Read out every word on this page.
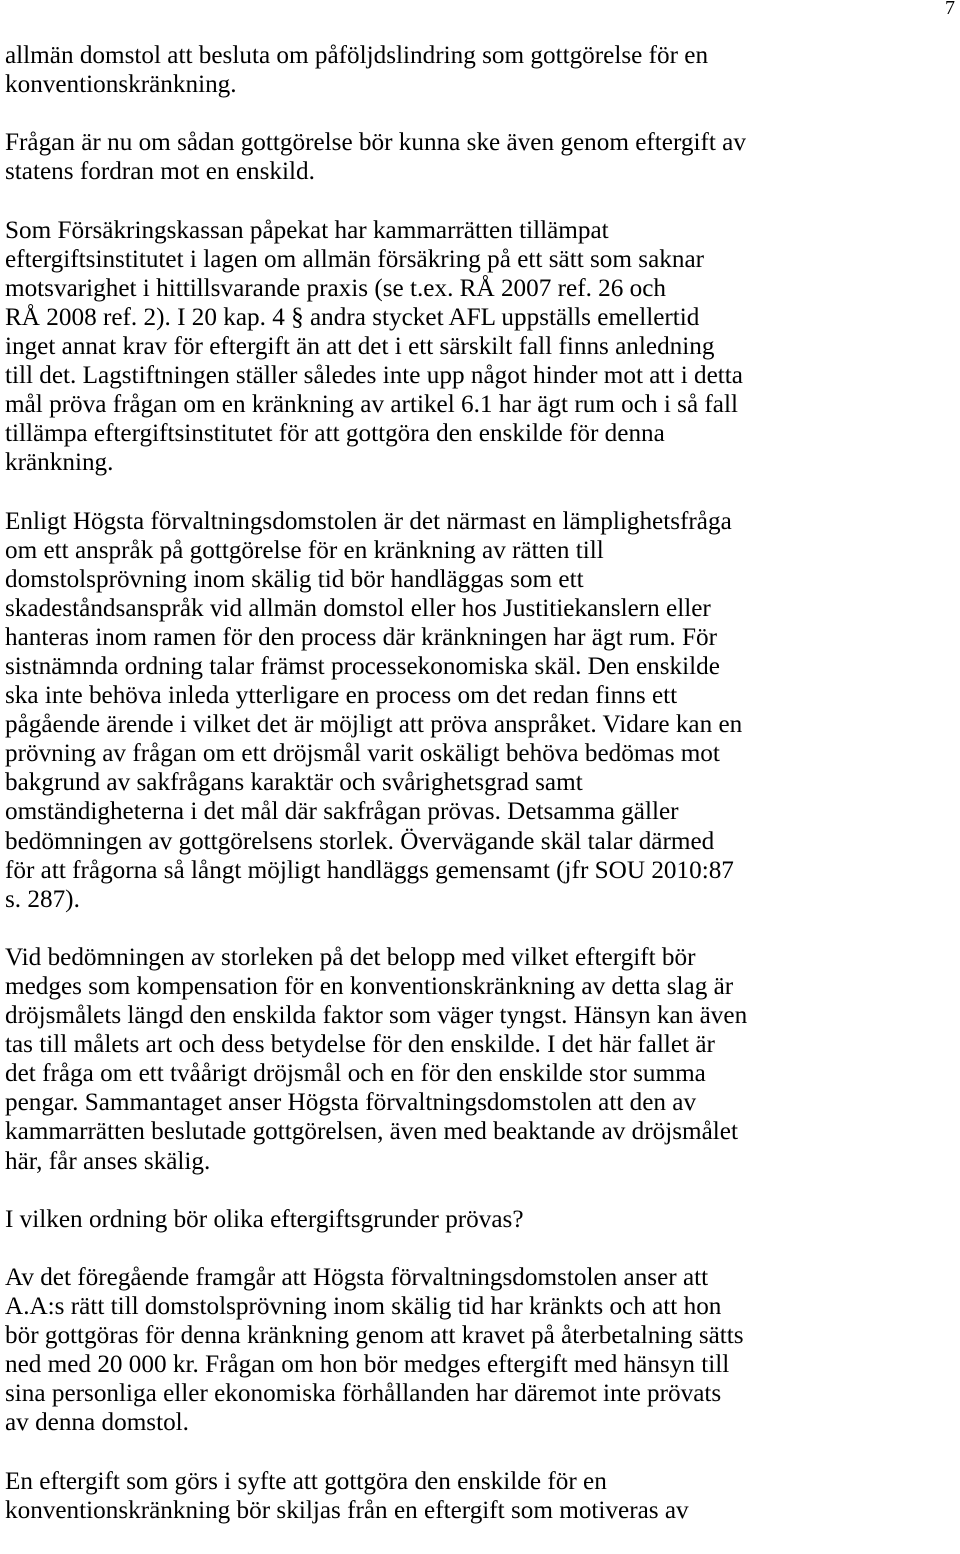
7
allmän domstol att besluta om påföljdslindring som gottgörelse för en
konventionskränkning.
Frågan är nu om sådan gottgörelse bör kunna ske även genom eftergift av
statens fordran mot en enskild.
Som Försäkringskassan påpekat har kammarrätten tillämpat
eftergiftsinstitutet i lagen om allmän försäkring på ett sätt som saknar
motsvarighet i hittillsvarande praxis (se t.ex. RÅ 2007 ref. 26 och
RÅ 2008 ref. 2). I 20 kap. 4 § andra stycket AFL uppställs emellertid
inget annat krav för eftergift än att det i ett särskilt fall finns anledning
till det. Lagstiftningen ställer således inte upp något hinder mot att i detta
mål pröva frågan om en kränkning av artikel 6.1 har ägt rum och i så fall
tillämpa eftergiftsinstitutet för att gottgöra den enskilde för denna
kränkning.
Enligt Högsta förvaltningsdomstolen är det närmast en lämplighetsfråga
om ett anspråk på gottgörelse för en kränkning av rätten till
domstolsprövning inom skälig tid bör handläggas som ett
skadeståndsanspråk vid allmän domstol eller hos Justitiekanslern eller
hanteras inom ramen för den process där kränkningen har ägt rum. För
sistnämnda ordning talar främst processekonomiska skäl. Den enskilde
ska inte behöva inleda ytterligare en process om det redan finns ett
pågående ärende i vilket det är möjligt att pröva anspråket. Vidare kan en
prövning av frågan om ett dröjsmål varit oskäligt behöva bedömas mot
bakgrund av sakfrågans karaktär och svårighetsgrad samt
omständigheterna i det mål där sakfrågan prövas. Detsamma gäller
bedömningen av gottgörelsens storlek. Övervägande skäl talar därmed
för att frågorna så långt möjligt handläggs gemensamt (jfr SOU 2010:87
s. 287).
Vid bedömningen av storleken på det belopp med vilket eftergift bör
medges som kompensation för en konventionskränkning av detta slag är
dröjsmålets längd den enskilda faktor som väger tyngst. Hänsyn kan även
tas till målets art och dess betydelse för den enskilde. I det här fallet är
det fråga om ett tvåårigt dröjsmål och en för den enskilde stor summa
pengar. Sammantaget anser Högsta förvaltningsdomstolen att den av
kammarrätten beslutade gottgörelsen, även med beaktande av dröjsmålet
här, får anses skälig.
I vilken ordning bör olika eftergiftsgrunder prövas?
Av det föregående framgår att Högsta förvaltningsdomstolen anser att
A.A:s rätt till domstolsprövning inom skälig tid har kränkts och att hon
bör gottgöras för denna kränkning genom att kravet på återbetalning sätts
ned med 20 000 kr. Frågan om hon bör medges eftergift med hänsyn till
sina personliga eller ekonomiska förhållanden har däremot inte prövats
av denna domstol.
En eftergift som görs i syfte att gottgöra den enskilde för en
konventionskränkning bör skiljas från en eftergift som motiveras av
